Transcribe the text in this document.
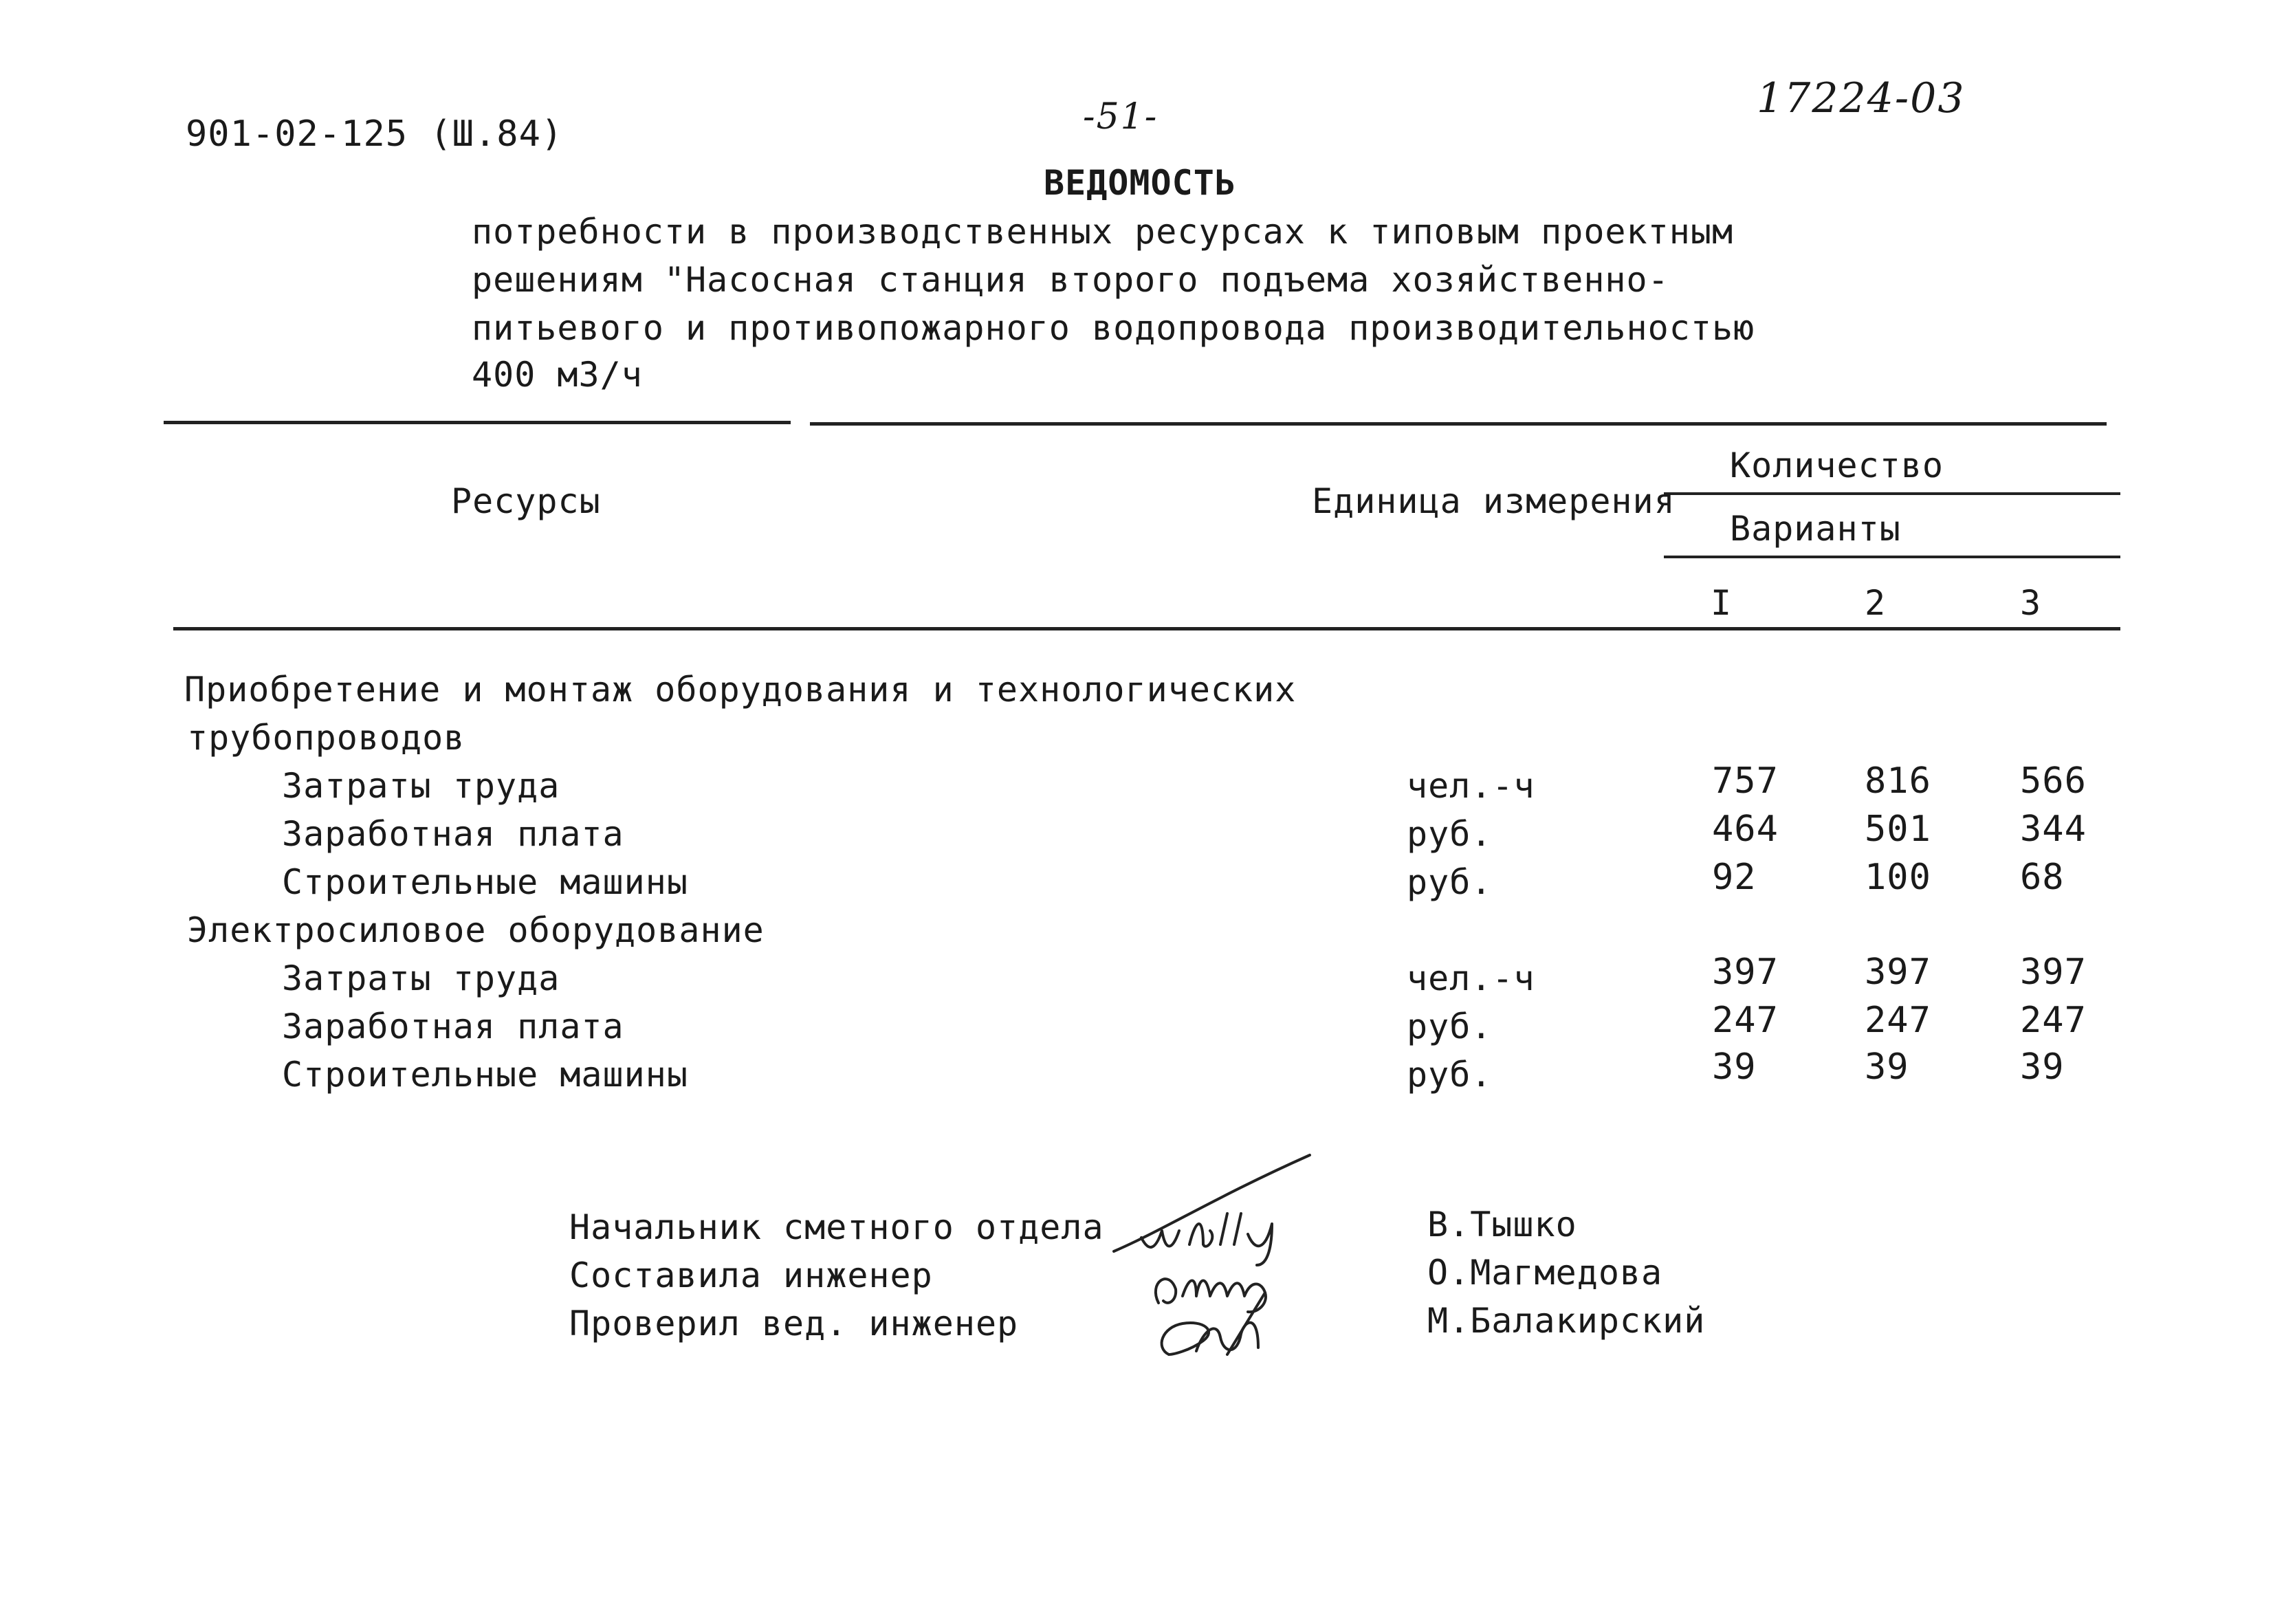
901-02-125 (Ш.84)	-51-	17224-03
ВЕДОМОСТЬ
потребности в производственных ресурсах к типовым проектным
решениям "Насосная станция второго подъема хозяйственно-
питьевого и противопожарного водопровода производительностью
400 м3/ч
Ресурсы	Единица измерения
Количество
Варианты
I	2	3
Приобретение и монтаж оборудования и технологических
трубопроводов
Затраты труда	чел.-ч	757 816 566
Заработная плата	руб.	464 501 344
Строительные машины	руб.	92	100 68
Электросиловое оборудование
Затраты труда	чел.-ч	397 397 397
Заработная плата	руб.	247 247 247
Строительные машины	руб.	39	39	39
Начальник сметного отдела
Составила инженер
Проверил вед. инженер
В.Тышко
О.Магмедова
М.Балакирский
